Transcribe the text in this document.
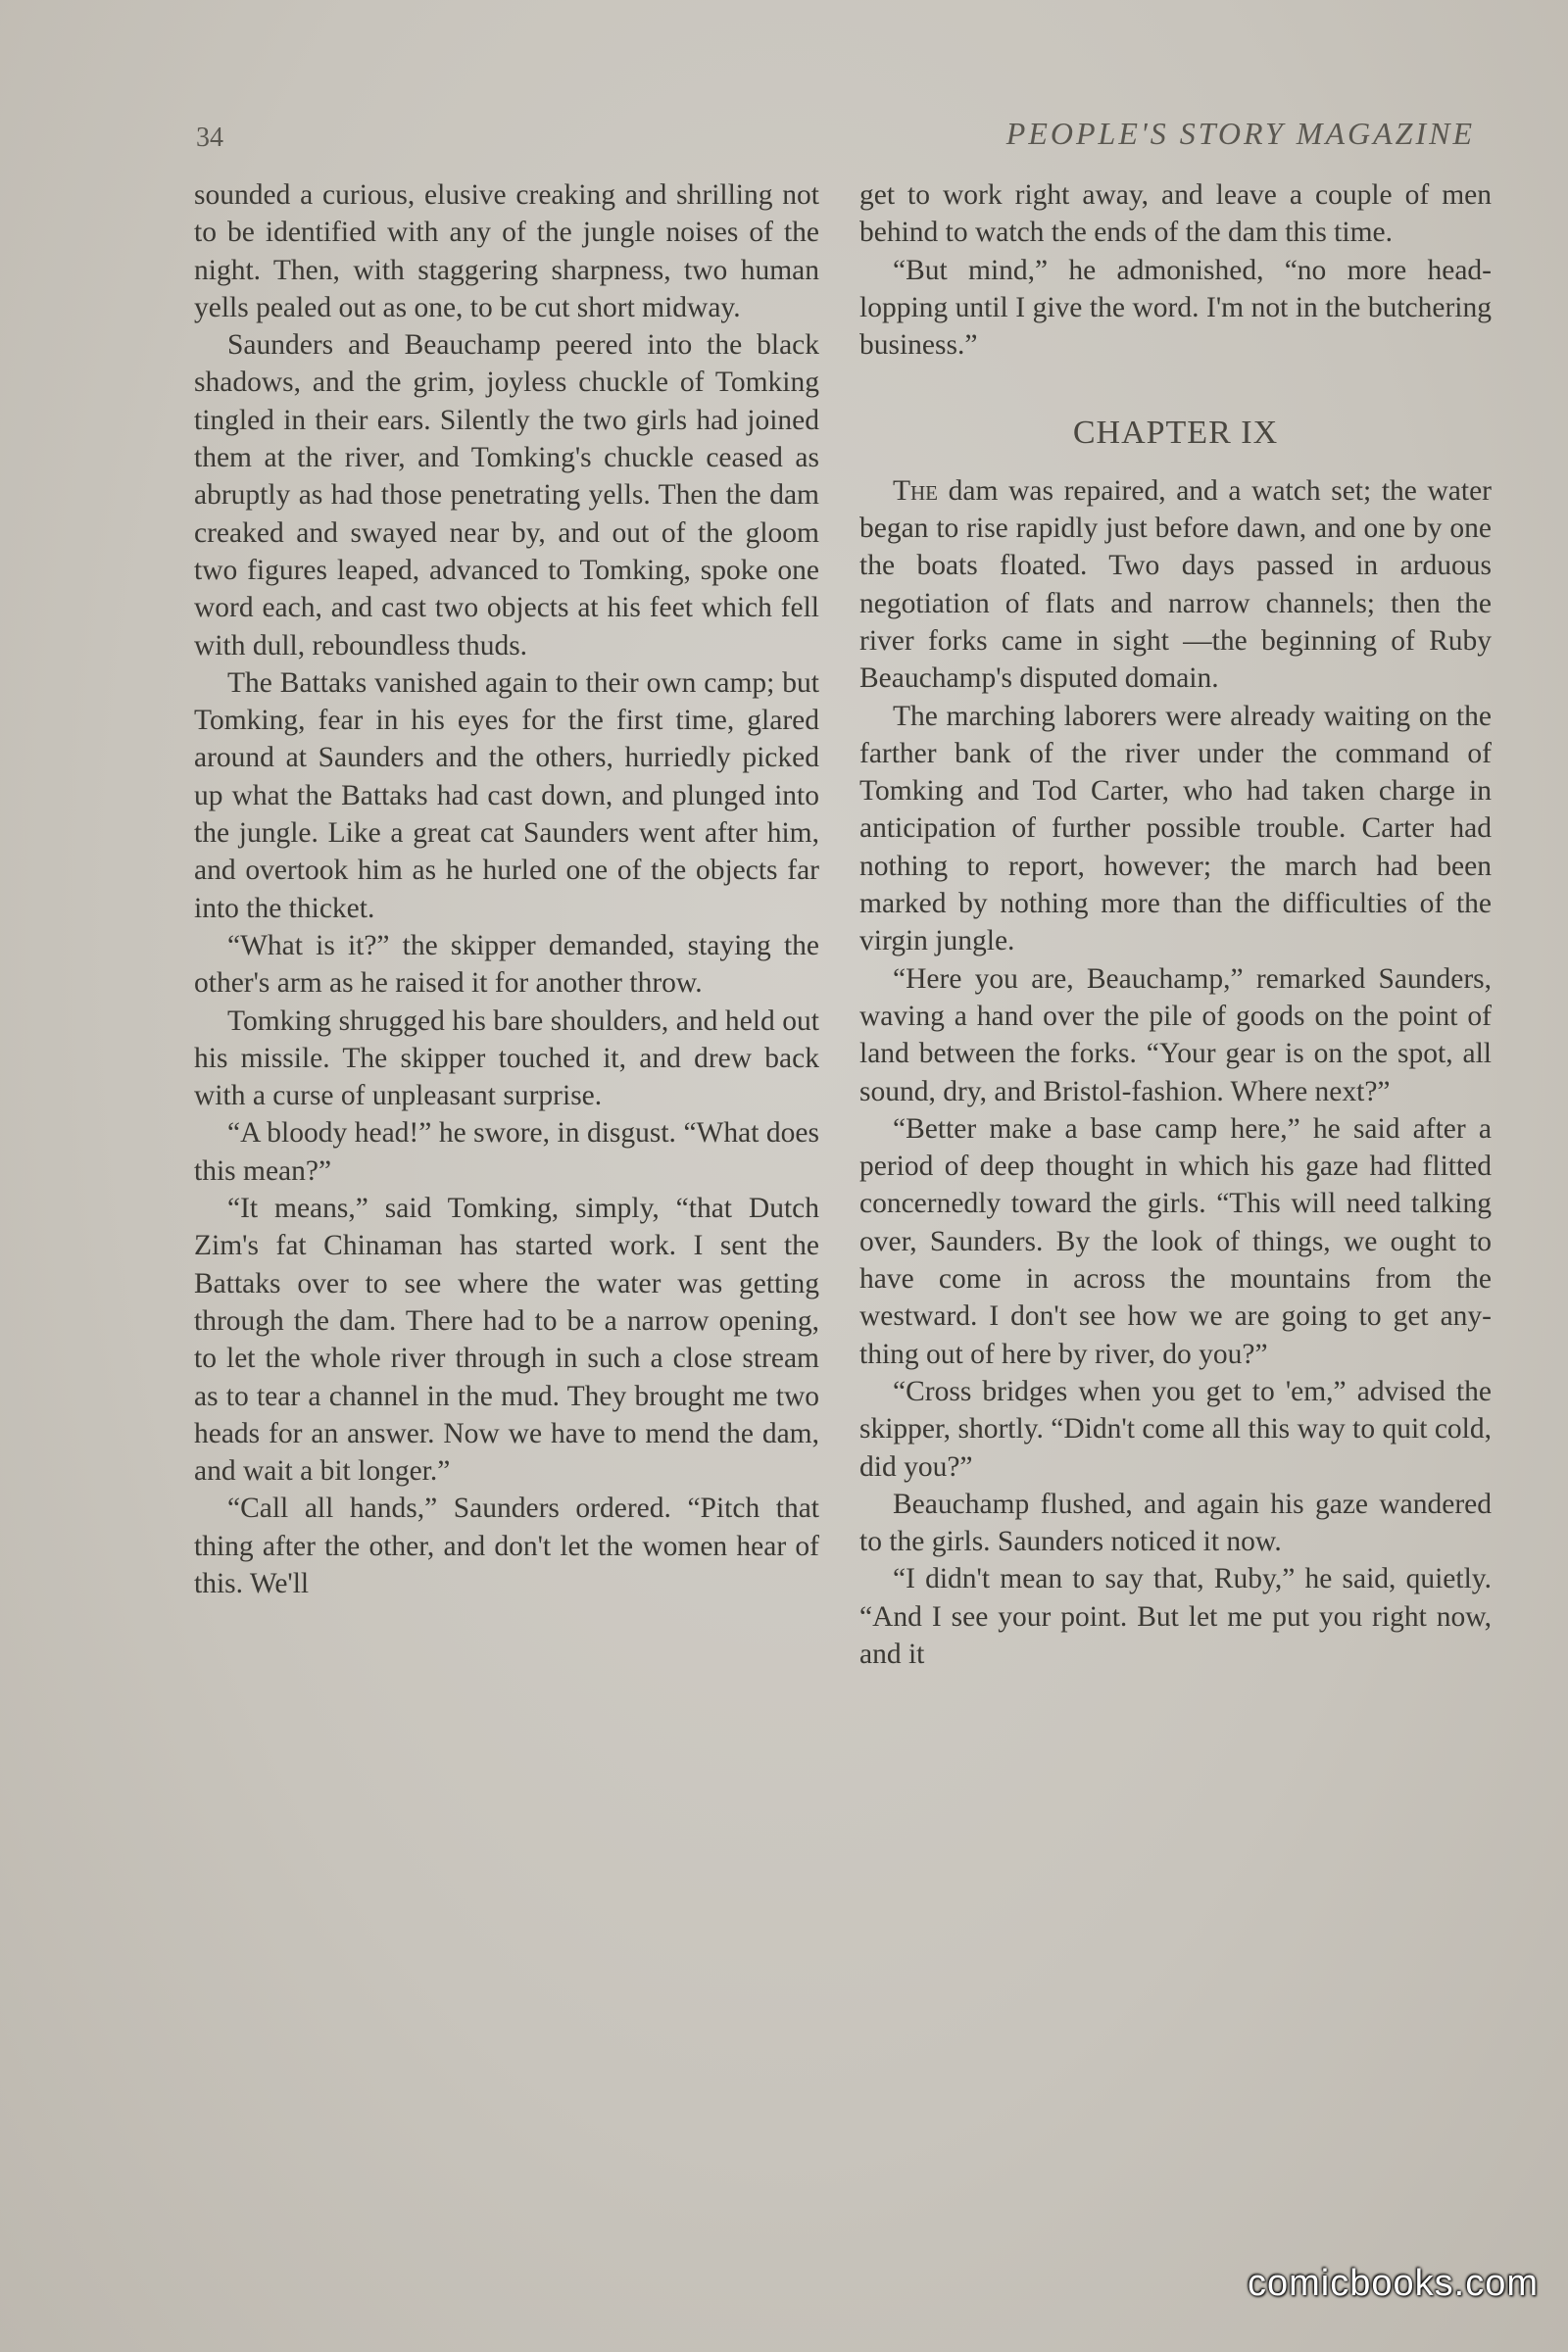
34	PEOPLE'S STORY MAGAZINE

sounded a curious, elusive creaking and shrilling not to be identified with any of the jungle noises of the night. Then, with staggering sharpness, two human yells pealed out as one, to be cut short midway.

Saunders and Beauchamp peered into the black shadows, and the grim, joyless chuckle of Tomking tingled in their ears. Silently the two girls had joined them at the river, and Tomking's chuckle ceased as abruptly as had those penetrating yells. Then the dam creaked and swayed near by, and out of the gloom two figures leaped, advanced to Tomking, spoke one word each, and cast two objects at his feet which fell with dull, reboundless thuds.

The Battaks vanished again to their own camp; but Tomking, fear in his eyes for the first time, glared around at Saunders and the others, hurriedly picked up what the Battaks had cast down, and plunged into the jungle. Like a great cat Saunders went after him, and overtook him as he hurled one of the objects far into the thicket.

“What is it?” the skipper demanded, staying the other's arm as he raised it for another throw.

Tomking shrugged his bare shoulders, and held out his missile. The skipper touched it, and drew back with a curse of unpleasant surprise.

“A bloody head!” he swore, in disgust. “What does this mean?”

“It means,” said Tomking, simply, “that Dutch Zim's fat Chinaman has started work. I sent the Battaks over to see where the water was getting through the dam. There had to be a narrow opening, to let the whole river through in such a close stream as to tear a channel in the mud. They brought me two heads for an answer. Now we have to mend the dam, and wait a bit longer.”

“Call all hands,” Saunders ordered. “Pitch that thing after the other, and don't let the women hear of this. We'll

get to work right away, and leave a couple of men behind to watch the ends of the dam this time.

“But mind,” he admonished, “no more head-lopping until I give the word. I'm not in the butchering business.”

CHAPTER IX

The dam was repaired, and a watch set; the water began to rise rapidly just before dawn, and one by one the boats floated. Two days passed in arduous negotiation of flats and narrow channels; then the river forks came in sight —the beginning of Ruby Beauchamp's disputed domain.

The marching laborers were already waiting on the farther bank of the river under the command of Tomking and Tod Carter, who had taken charge in anticipation of further possible trouble. Carter had nothing to report, however; the march had been marked by nothing more than the difficulties of the virgin jungle.

“Here you are, Beauchamp,” remarked Saunders, waving a hand over the pile of goods on the point of land between the forks. “Your gear is on the spot, all sound, dry, and Bristol-fashion. Where next?”

“Better make a base camp here,” he said after a period of deep thought in which his gaze had flitted concernedly toward the girls. “This will need talking over, Saunders. By the look of things, we ought to have come in across the mountains from the westward. I don't see how we are going to get anything out of here by river, do you?”

“Cross bridges when you get to 'em,” advised the skipper, shortly. “Didn't come all this way to quit cold, did you?”

Beauchamp flushed, and again his gaze wandered to the girls. Saunders noticed it now.

“I didn't mean to say that, Ruby,” he said, quietly. “And I see your point. But let me put you right now, and it

comicbooks.com
